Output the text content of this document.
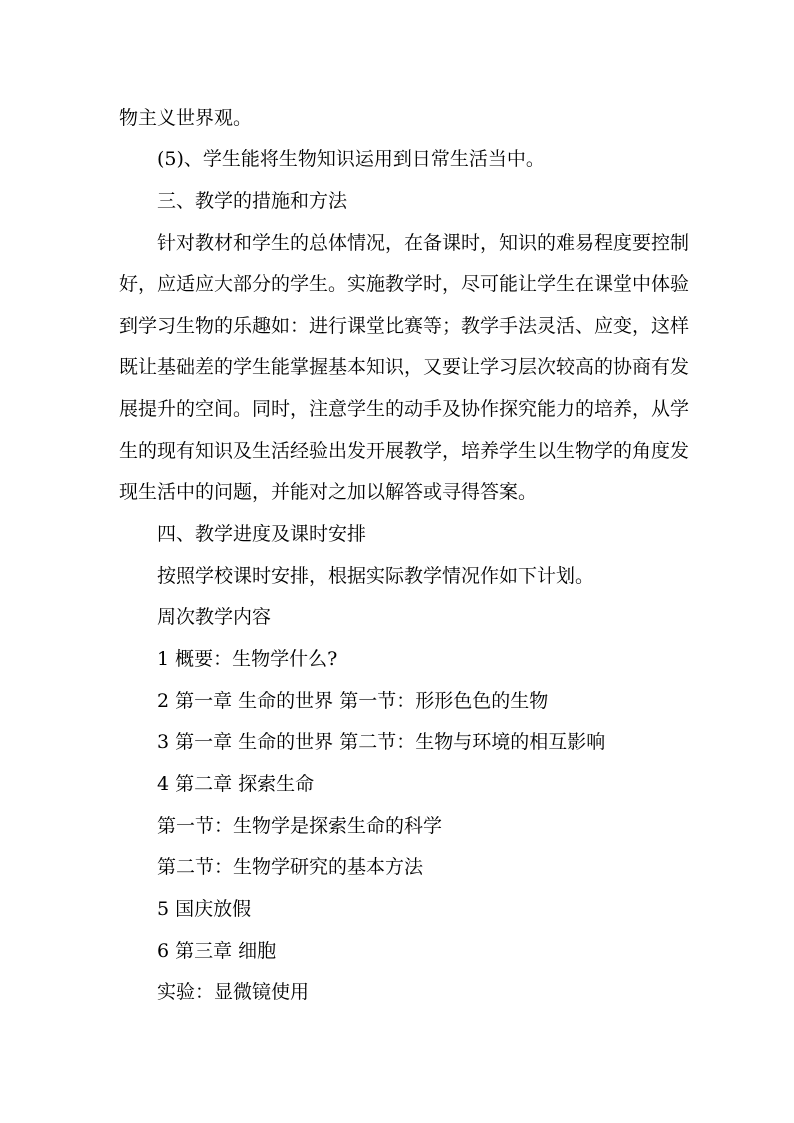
物主义世界观。
(5)、学生能将生物知识运用到日常生活当中。
三、教学的措施和方法
针对教材和学生的总体情况，在备课时，知识的难易程度要控制
好，应适应大部分的学生。实施教学时，尽可能让学生在课堂中体验
到学习生物的乐趣如：进行课堂比赛等；教学手法灵活、应变，这样
既让基础差的学生能掌握基本知识，又要让学习层次较高的协商有发
展提升的空间。同时，注意学生的动手及协作探究能力的培养，从学
生的现有知识及生活经验出发开展教学，培养学生以生物学的角度发
现生活中的问题，并能对之加以解答或寻得答案。
四、教学进度及课时安排
按照学校课时安排，根据实际教学情况作如下计划。
周次教学内容
1 概要：生物学什么?
2 第一章 生命的世界 第一节：形形色色的生物
3 第一章 生命的世界 第二节：生物与环境的相互影响
4 第二章 探索生命
第一节：生物学是探索生命的科学
第二节：生物学研究的基本方法
5 国庆放假
6 第三章 细胞
实验：显微镜使用
